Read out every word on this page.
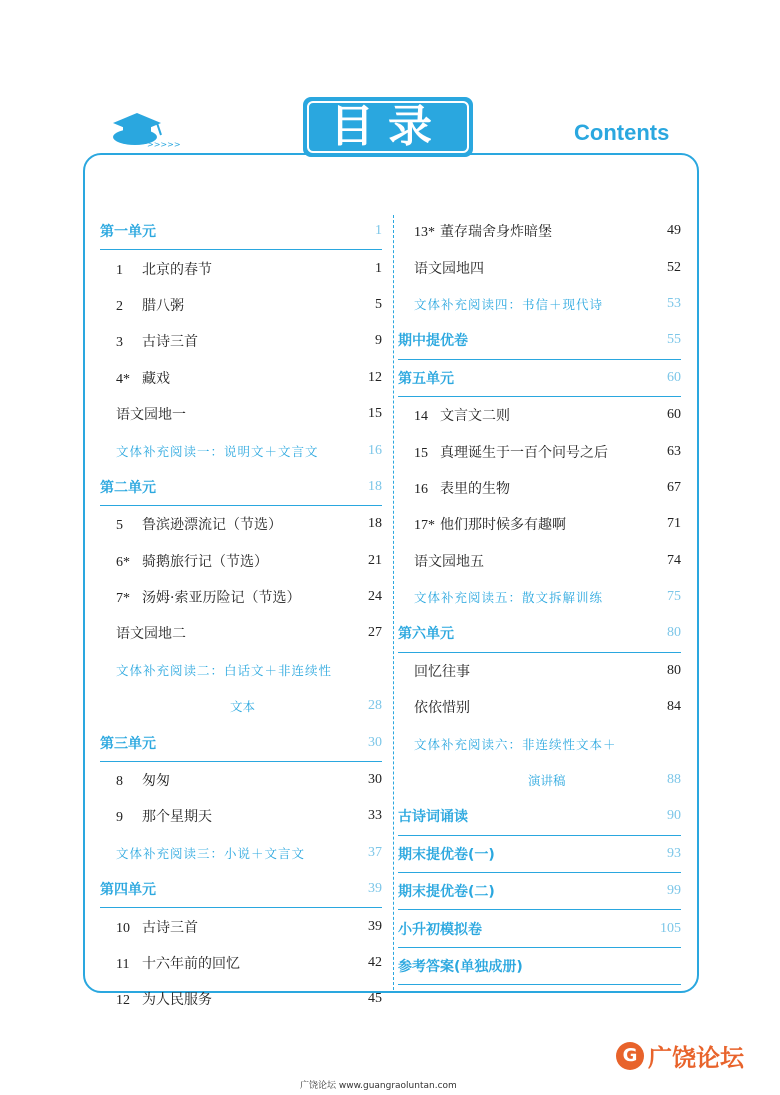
>>>>>	目录	Contents
第一单元	1
1 北京的春节	1
2 腊八粥	5
3 古诗三首	9
4* 藏戏	12
语文园地一	15
文体补充阅读一：说明文＋文言文	16
第二单元	18
5 鲁滨逊漂流记（节选）	18
6* 骑鹅旅行记（节选）	21
7* 汤姆·索亚历险记（节选）	24
语文园地二	27
文体补充阅读二：白话文＋非连续性
文本	28
第三单元	30
8 匆匆	30
9 那个星期天	33
文体补充阅读三：小说＋文言文	37
第四单元	39
10 古诗三首	39
11 十六年前的回忆	42
12 为人民服务	45
13* 董存瑞舍身炸暗堡	49
语文园地四	52
文体补充阅读四：书信＋现代诗	53
期中提优卷	55
第五单元	60
14 文言文二则	60
15 真理诞生于一百个问号之后	63
16 表里的生物	67
17* 他们那时候多有趣啊	71
语文园地五	74
文体补充阅读五：散文拆解训练	75
第六单元	80
回忆往事	80
依依惜别	84
文体补充阅读六：非连续性文本＋
演讲稿	88
古诗词诵读	90
期末提优卷(一)	93
期末提优卷(二)	99
小升初模拟卷	105
参考答案(单独成册)
广饶论坛 www.guangraoluntan.com
G 广饶论坛
